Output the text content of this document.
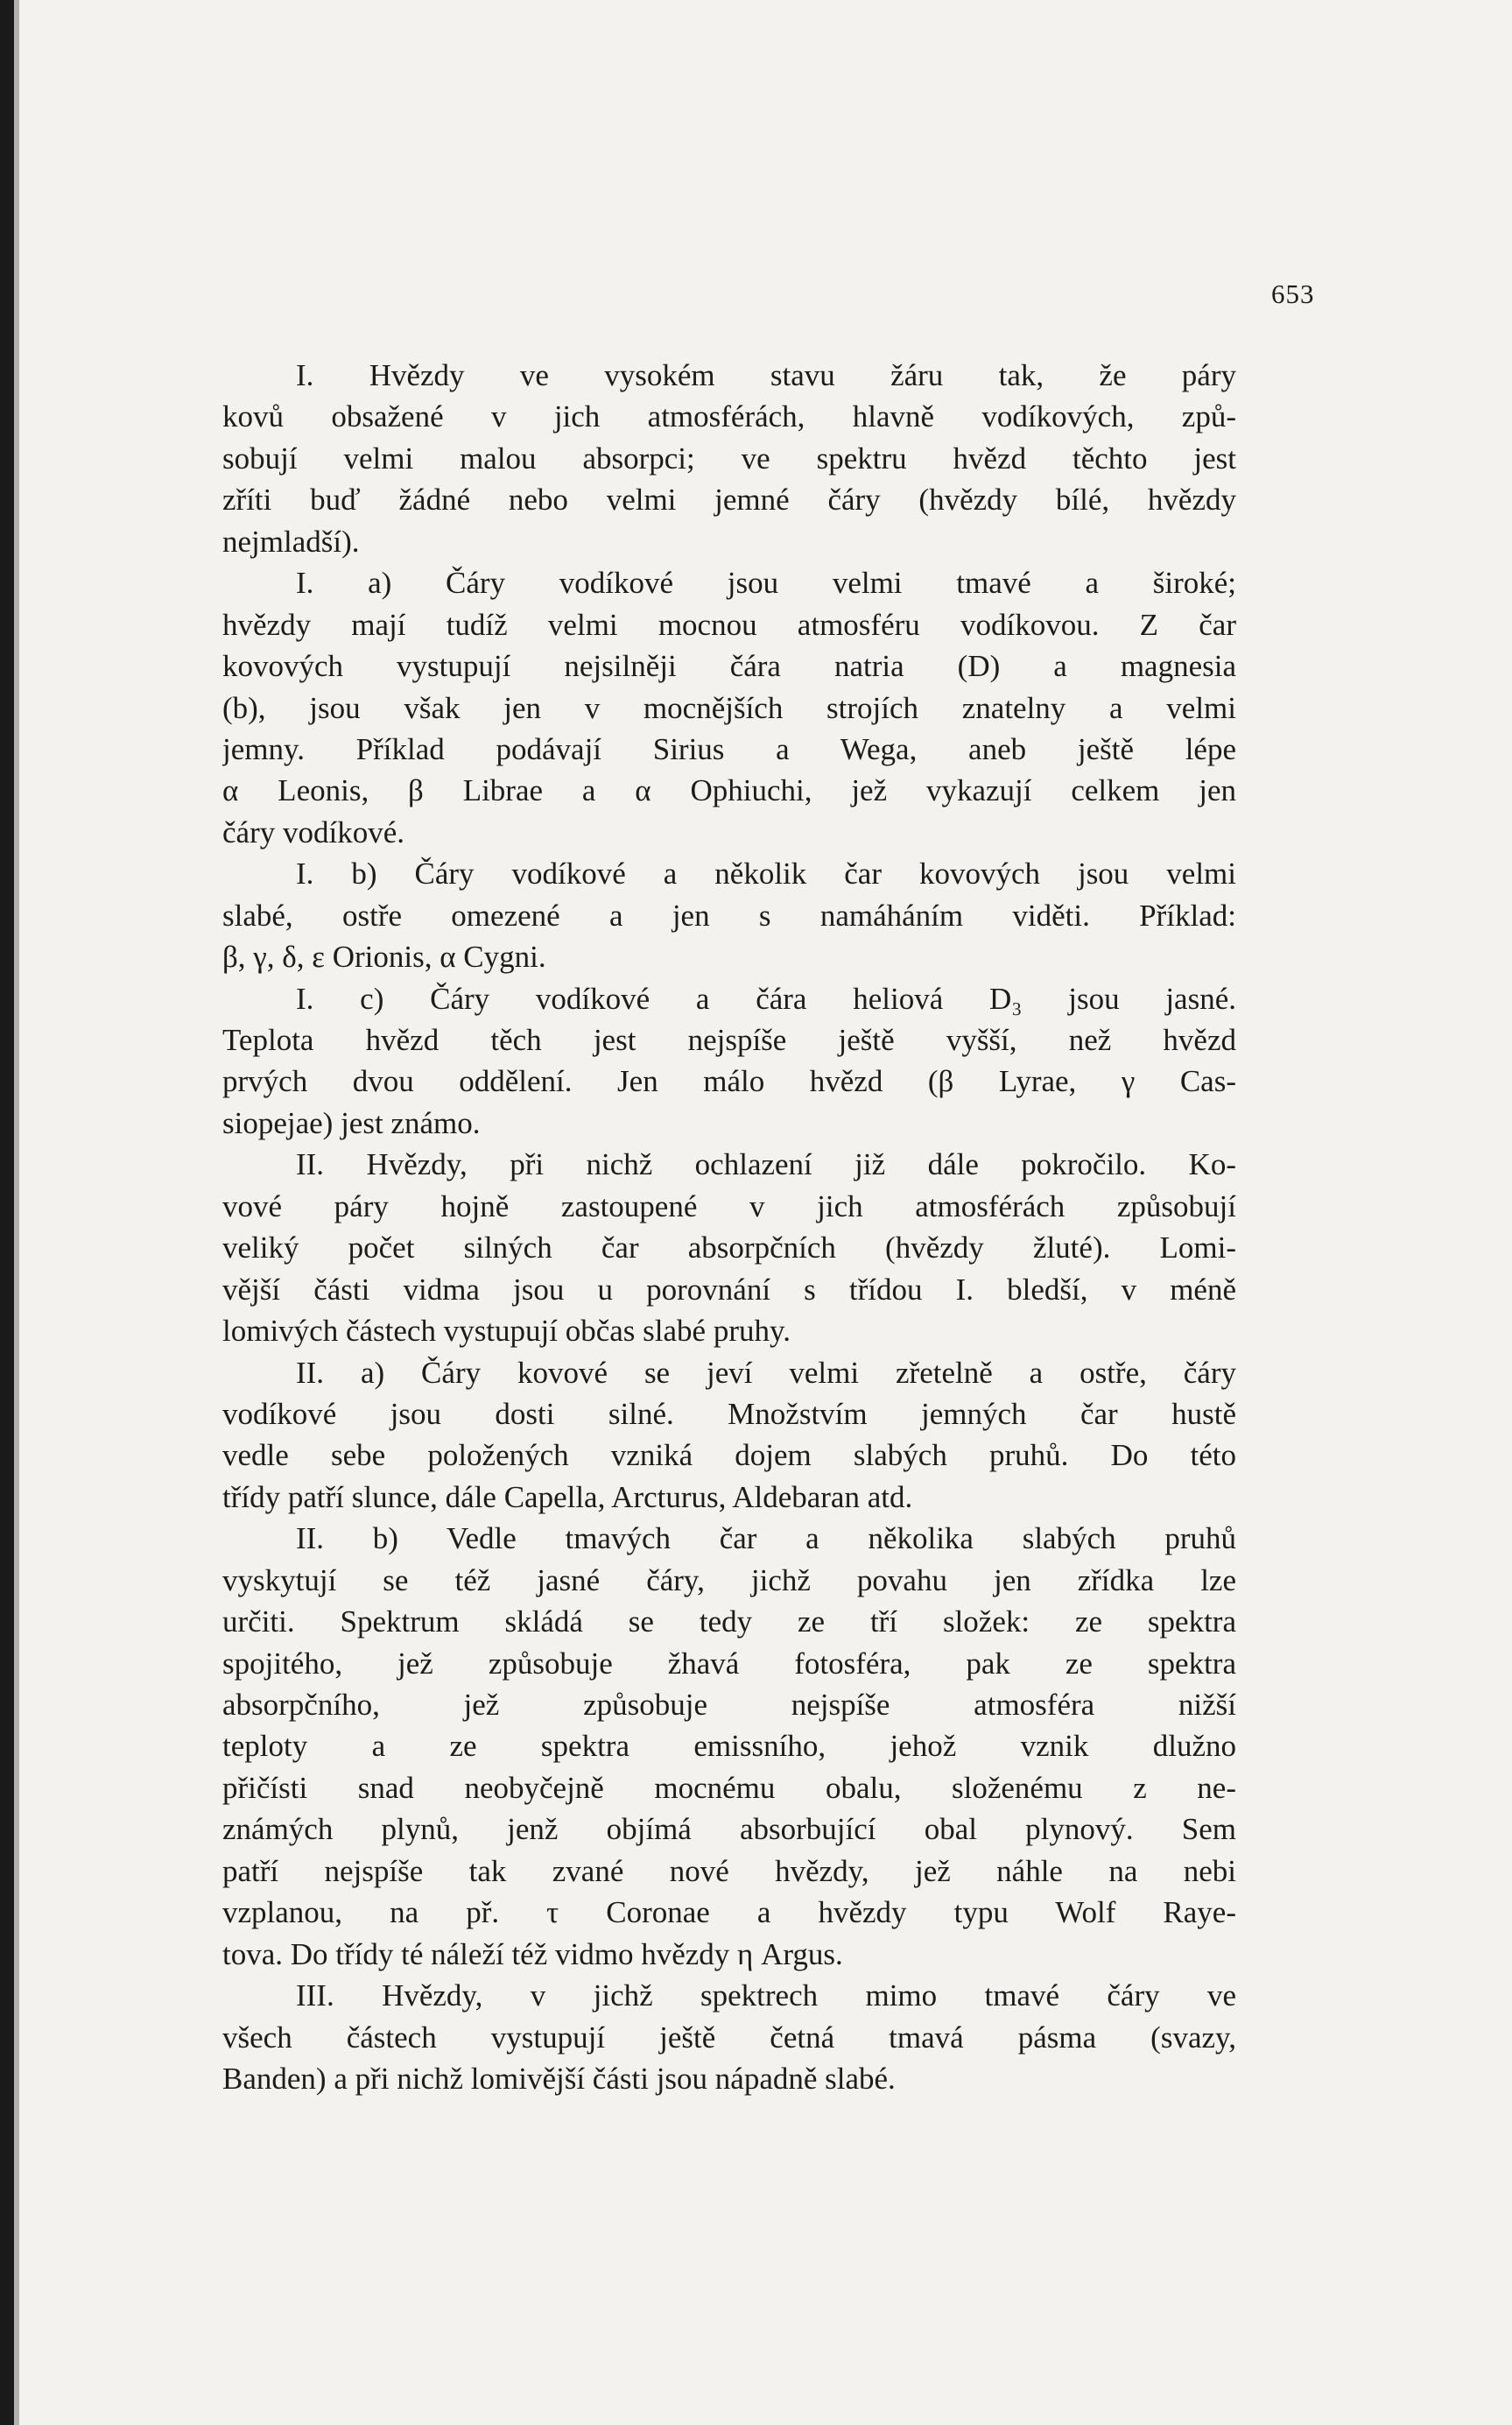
653
I. Hvězdy ve vysokém stavu žáru tak, že páry
kovů obsažené v jich atmosférách, hlavně vodíkových, způ-
sobují velmi malou absorpci; ve spektru hvězd těchto jest
zříti buď žádné nebo velmi jemné čáry (hvězdy bílé, hvězdy
nejmladší).
I. a) Čáry vodíkové jsou velmi tmavé a široké;
hvězdy mají tudíž velmi mocnou atmosféru vodíkovou. Z čar
kovových vystupují nejsilněji čára natria (D) a magnesia
(b), jsou však jen v mocnějších strojích znatelny a velmi
jemny. Příklad podávají Sirius a Wega, aneb ještě lépe
α Leonis, β Librae a α Ophiuchi, jež vykazují celkem jen
čáry vodíkové.
I. b) Čáry vodíkové a několik čar kovových jsou velmi
slabé, ostře omezené a jen s namáháním viděti. Příklad:
β, γ, δ, ε Orionis, α Cygni.
I. c) Čáry vodíkové a čára heliová D₃ jsou jasné.
Teplota hvězd těch jest nejspíše ještě vyšší, než hvězd
prvých dvou oddělení. Jen málo hvězd (β Lyrae, γ Cas-
siopejae) jest známo.
II. Hvězdy, při nichž ochlazení již dále pokročilo. Ko-
vové páry hojně zastoupené v jich atmosférách způsobují
veliký počet silných čar absorpčních (hvězdy žluté). Lomi-
vější části vidma jsou u porovnání s třídou I. bledší, v méně
lomivých částech vystupují občas slabé pruhy.
II. a) Čáry kovové se jeví velmi zřetelně a ostře, čáry
vodíkové jsou dosti silné. Množstvím jemných čar hustě
vedle sebe položených vzniká dojem slabých pruhů. Do této
třídy patří slunce, dále Capella, Arcturus, Aldebaran atd.
II. b) Vedle tmavých čar a několika slabých pruhů
vyskytují se též jasné čáry, jichž povahu jen zřídka lze
určiti. Spektrum skládá se tedy ze tří složek: ze spektra
spojitého, jež způsobuje žhavá fotosféra, pak ze spektra
absorpčního, jež způsobuje nejspíše atmosféra nižší
teploty a ze spektra emissního, jehož vznik dlužno
přičísti snad neobyčejně mocnému obalu, složenému z ne-
známých plynů, jenž objímá absorbující obal plynový. Sem
patří nejspíše tak zvané nové hvězdy, jež náhle na nebi
vzplanou, na př. τ Coronae a hvězdy typu Wolf Raye-
tova. Do třídy té náleží též vidmo hvězdy η Argus.
III. Hvězdy, v jichž spektrech mimo tmavé čáry ve
všech částech vystupují ještě četná tmavá pásma (svazy,
Banden) a při nichž lomivější části jsou nápadně slabé.
